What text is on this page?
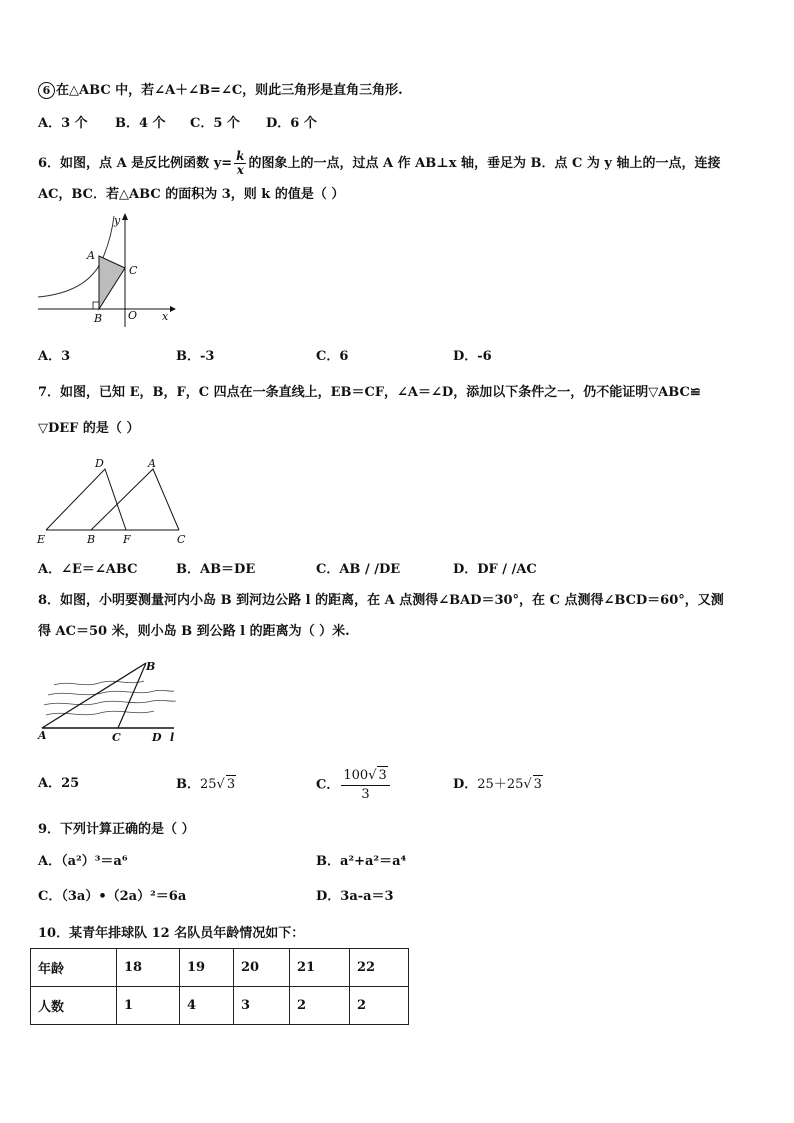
6 在△ABC 中，若∠A＋∠B=∠C，则此三角形是直角三角形.
A．3 个 B．4 个 C．5 个 D．6 个
6．如图，点 A 是反比例函数 $y= \frac{k}{x}$ 的图象上的一点，过点 A 作 AB⊥x 轴，垂足为 B．点 C 为 y 轴上的一点，连接
AC，BC．若△ABC 的面积为 3，则 k 的值是（ ）
A
B
C
O x
y
A．3	B．-3	C．6	D．-6
7．如图，已知 E，B，F，C 四点在一条直线上，EB＝CF，∠A＝∠D，添加以下条件之一，仍不能证明▽ABC≌
▽DEF 的是（ ）
D	A
E	B	F	C
A．∠E＝∠ABC	B．AB＝DE	C．AB / /DE	D．DF / /AC
8．如图，小明要测量河内小岛 B 到河边公路 l 的距离，在 A 点测得∠BAD＝30°，在 C 点测得∠BCD＝60°，又测
得 AC＝50 米，则小岛 B 到公路 l 的距离为（ ）米.
B
A	C	D l
A．25	B．25√ 3	C． $\frac{100√ 3}{3}$	D．25＋25√ 3
9．下列计算正确的是（ ）
A．（a²）³＝a⁶	B．a²+a²＝a⁴
C．（3a）•（2a）²＝6a	D．3a-a＝3
10．某青年排球队 12 名队员年龄情况如下：
年龄	18	19	20	21	22
人数	1	4	3	2	2
